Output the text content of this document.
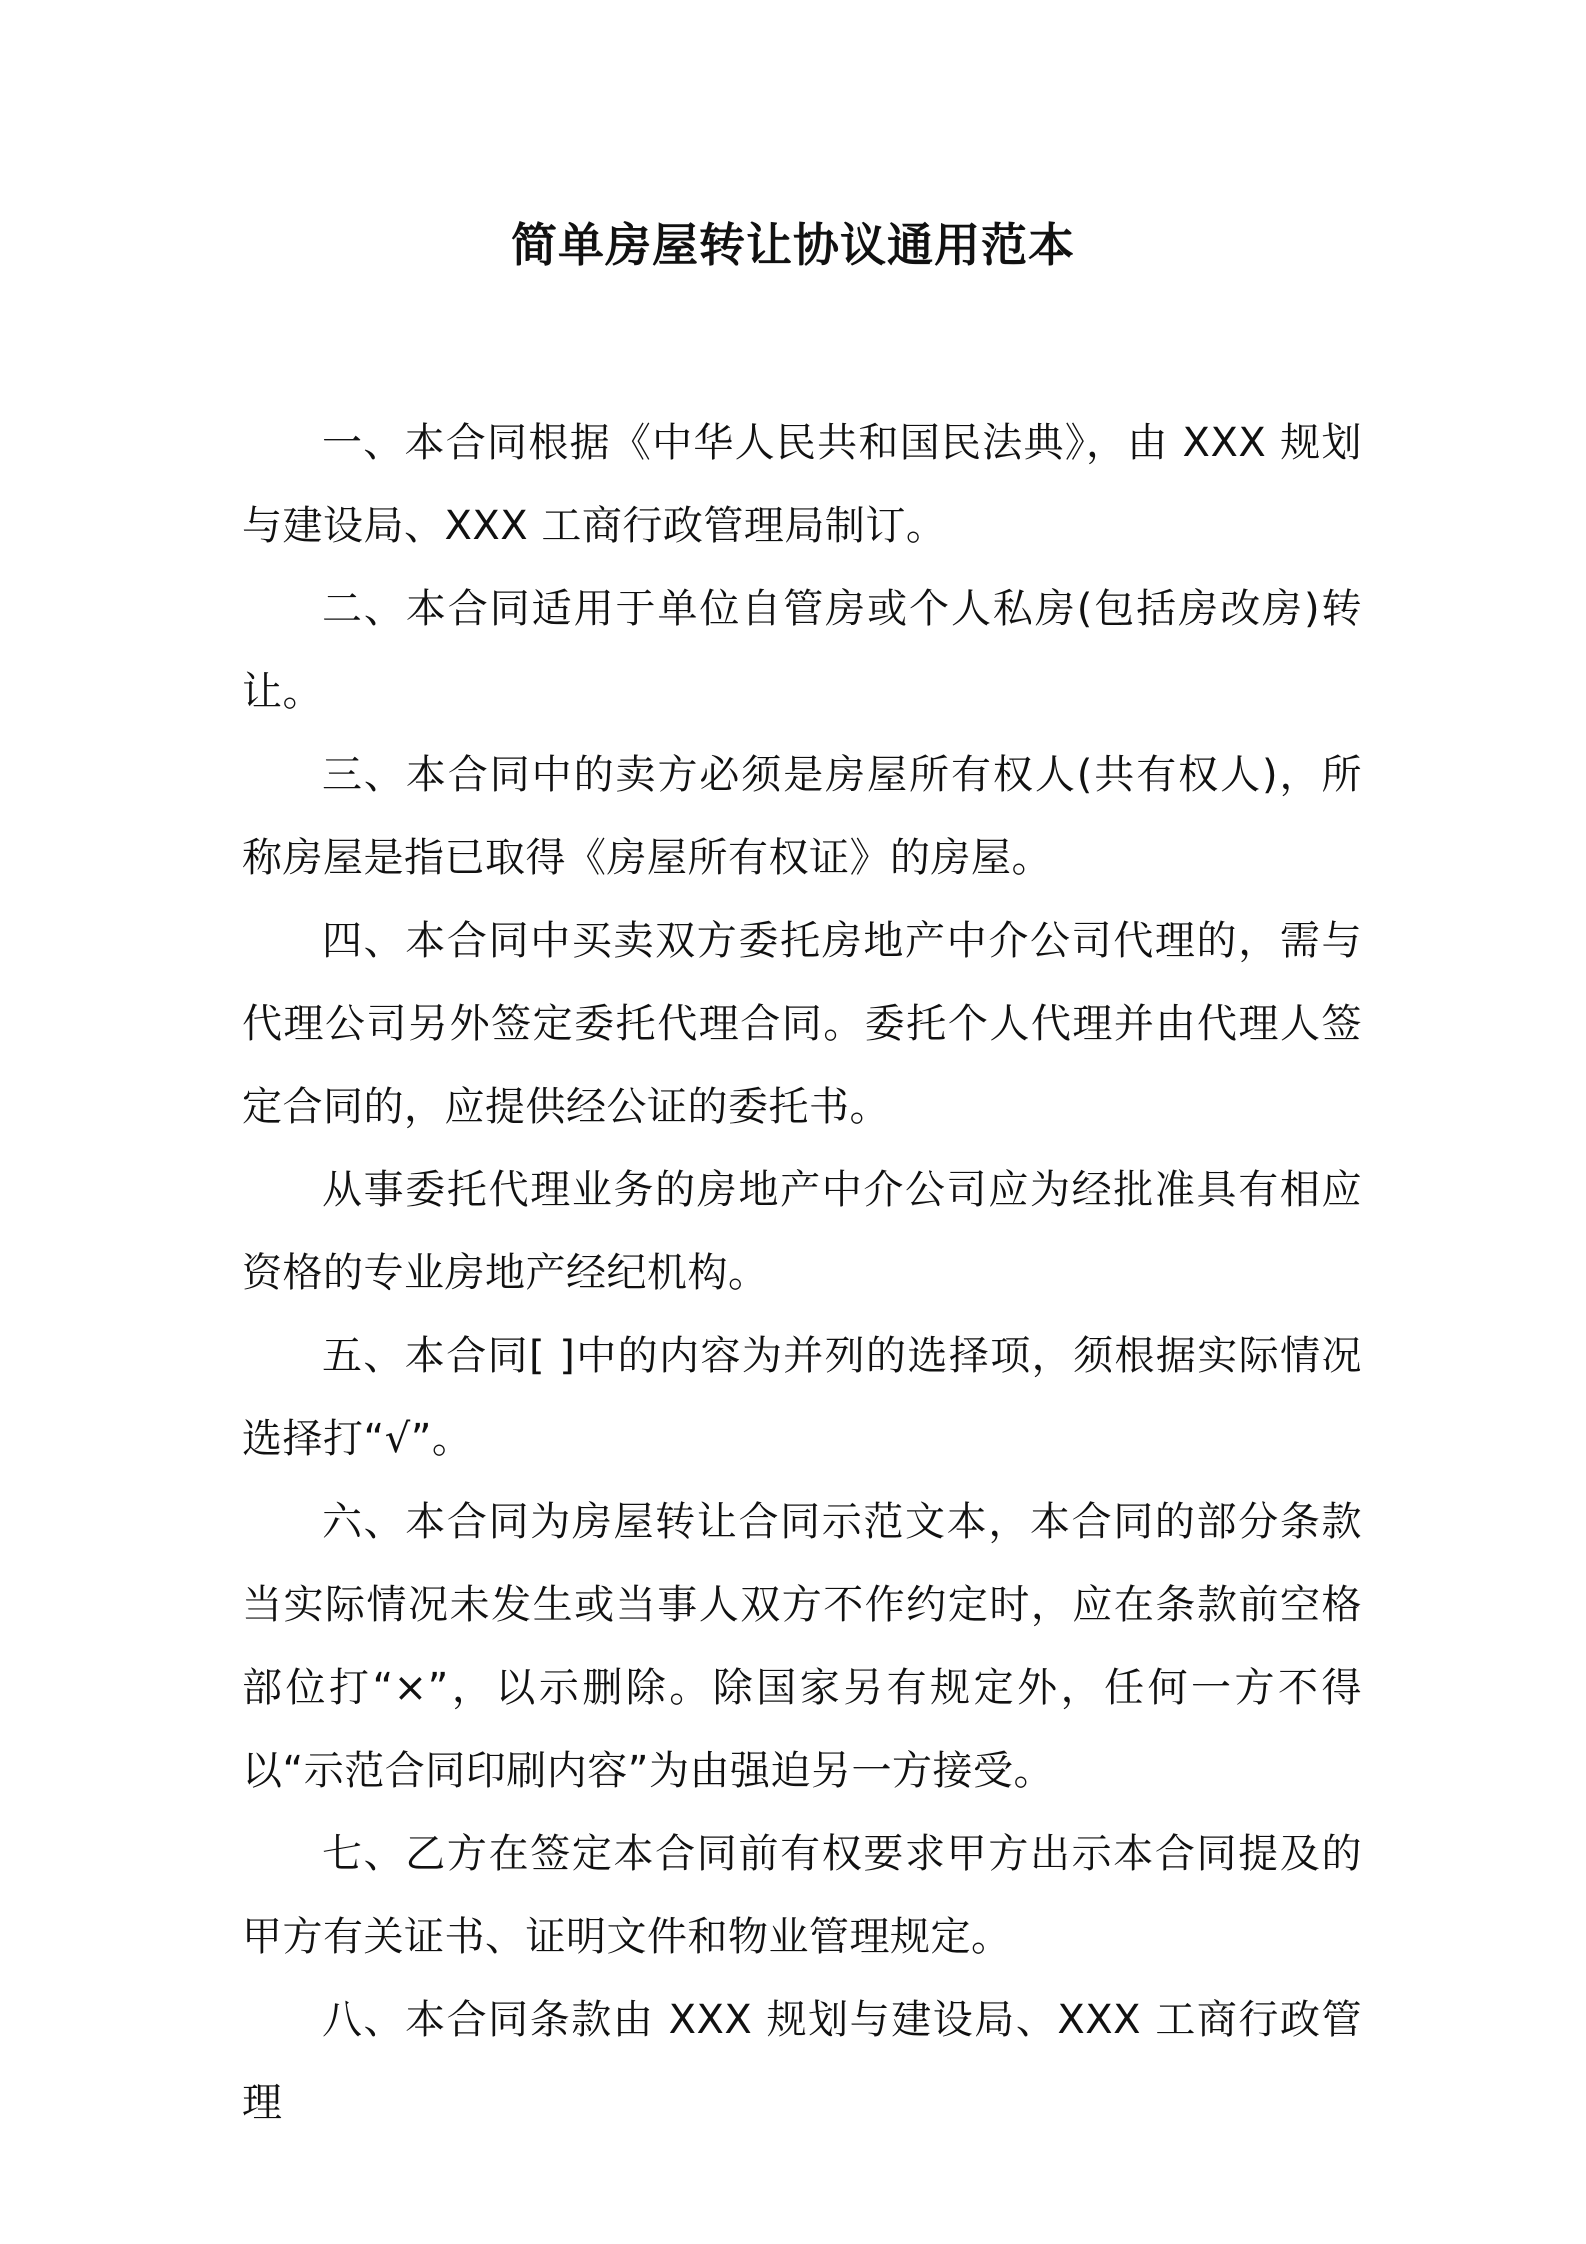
简单房屋转让协议通用范本

一、本合同根据《中华人民共和国民法典》，由 XXX 规划与建设局、XXX 工商行政管理局制订。

二、本合同适用于单位自管房或个人私房(包括房改房)转让。

三、本合同中的卖方必须是房屋所有权人(共有权人)，所称房屋是指已取得《房屋所有权证》的房屋。

四、本合同中买卖双方委托房地产中介公司代理的，需与代理公司另外签定委托代理合同。委托个人代理并由代理人签定合同的，应提供经公证的委托书。

从事委托代理业务的房地产中介公司应为经批准具有相应资格的专业房地产经纪机构。

五、本合同[ ]中的内容为并列的选择项，须根据实际情况选择打“√”。

六、本合同为房屋转让合同示范文本，本合同的部分条款当实际情况未发生或当事人双方不作约定时，应在条款前空格部位打“×”，以示删除。除国家另有规定外，任何一方不得以“示范合同印刷内容”为由强迫另一方接受。

七、乙方在签定本合同前有权要求甲方出示本合同提及的甲方有关证书、证明文件和物业管理规定。

八、本合同条款由 XXX 规划与建设局、XXX 工商行政管理
